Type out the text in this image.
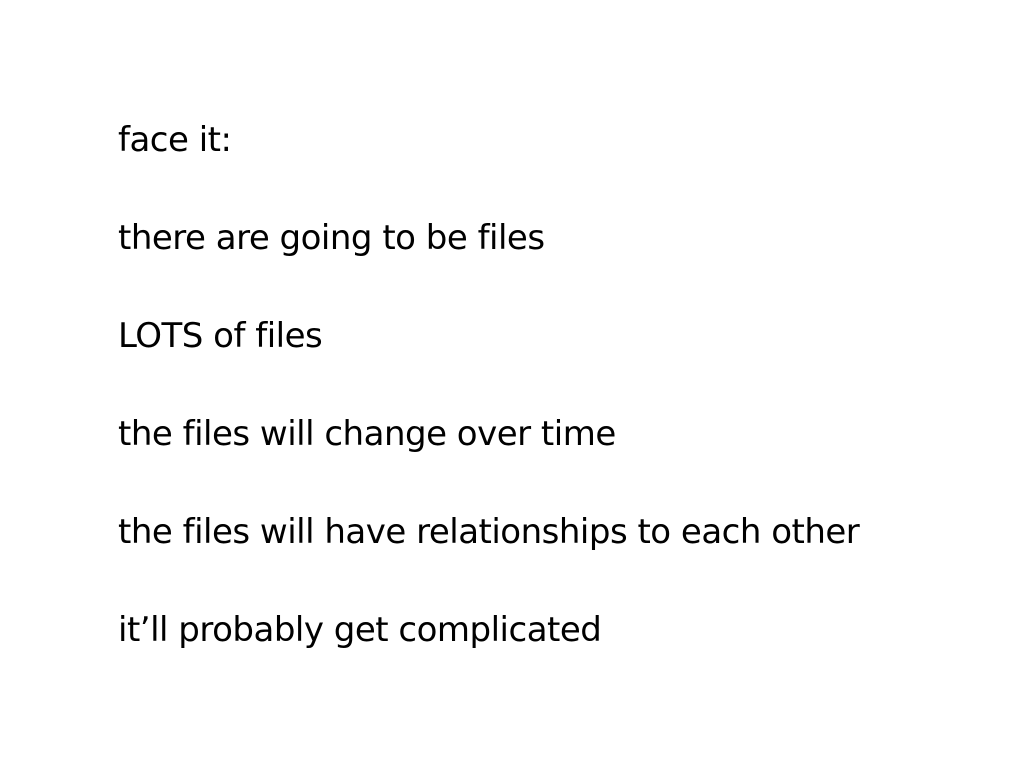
face it:

there are going to be files

LOTS of files

the files will change over time

the files will have relationships to each other

it’ll probably get complicated
